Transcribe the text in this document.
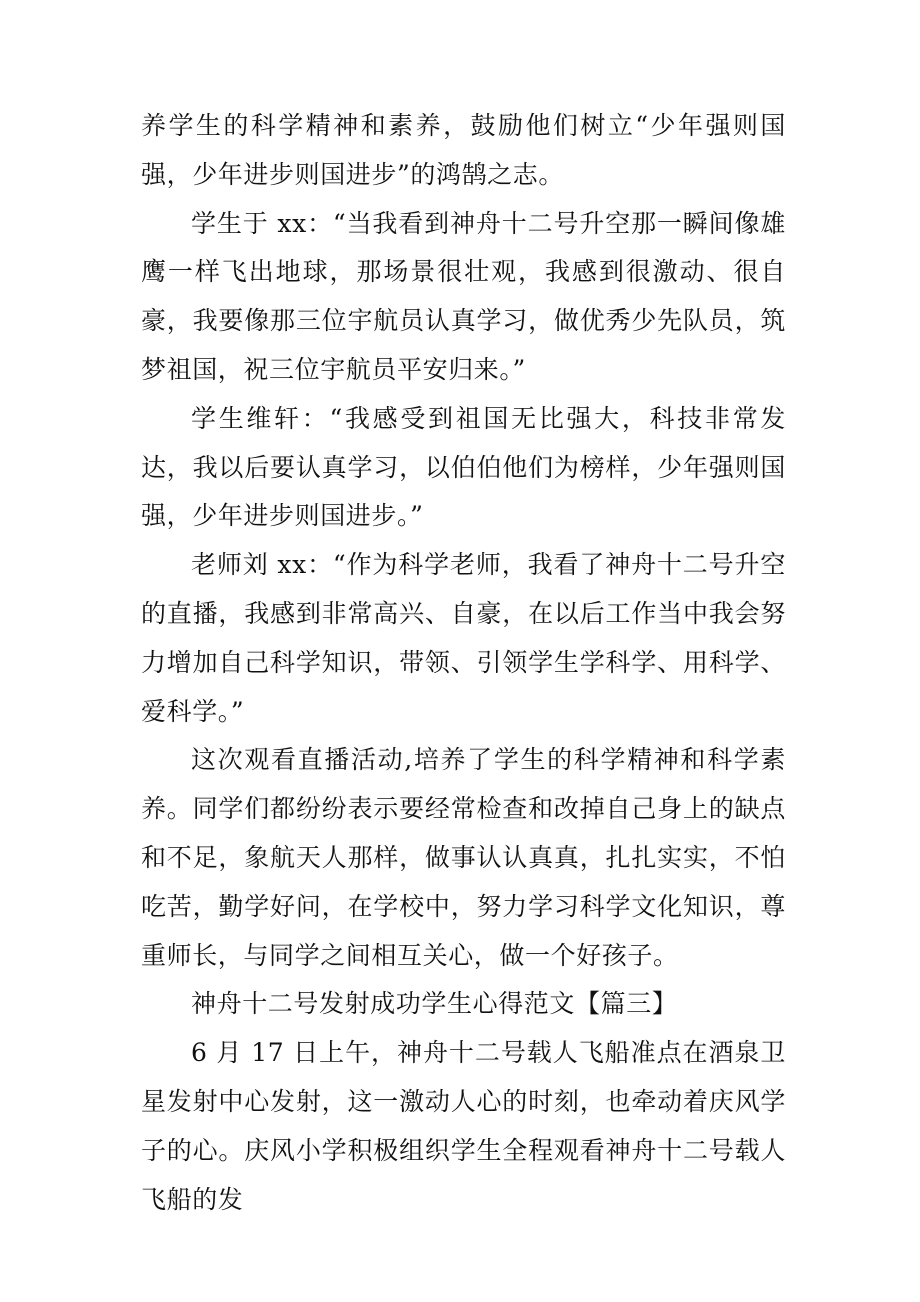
养学生的科学精神和素养，鼓励他们树立“少年强则国强，少年进步则国进步”的鸿鹄之志。

学生于 xx：“当我看到神舟十二号升空那一瞬间像雄鹰一样飞出地球，那场景很壮观，我感到很激动、很自豪，我要像那三位宇航员认真学习，做优秀少先队员，筑梦祖国，祝三位宇航员平安归来。”

学生维轩：“我感受到祖国无比强大，科技非常发达，我以后要认真学习，以伯伯他们为榜样，少年强则国强，少年进步则国进步。”

老师刘 xx：“作为科学老师，我看了神舟十二号升空的直播，我感到非常高兴、自豪，在以后工作当中我会努力增加自己科学知识，带领、引领学生学科学、用科学、爱科学。”

这次观看直播活动,培养了学生的科学精神和科学素养。同学们都纷纷表示要经常检查和改掉自己身上的缺点和不足，象航天人那样，做事认认真真，扎扎实实，不怕吃苦，勤学好问，在学校中，努力学习科学文化知识，尊重师长，与同学之间相互关心，做一个好孩子。

神舟十二号发射成功学生心得范文【篇三】

6 月 17 日上午，神舟十二号载人飞船准点在酒泉卫星发射中心发射，这一激动人心的时刻，也牵动着庆风学子的心。庆风小学积极组织学生全程观看神舟十二号载人飞船的发
